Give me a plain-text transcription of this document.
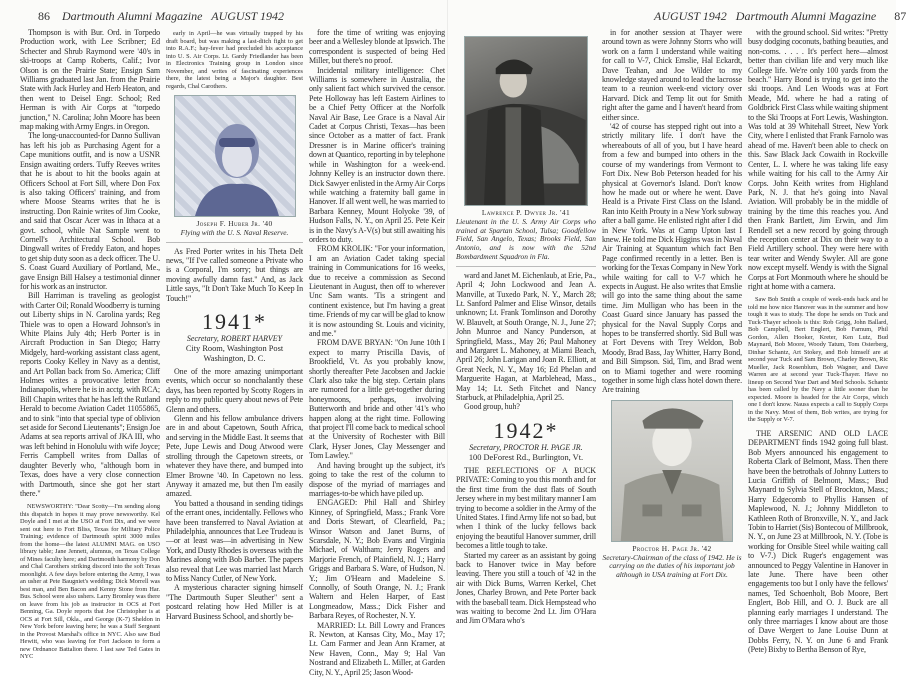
86 Dartmouth Alumni Magazine AUGUST 1942

Thompson is with Bur. Ord. in Torpedo Production work, with Lee Scribner; Ed Schecter and Shrub Raymond were '40's in ski-troops at Camp Roberts, Calif.; Ivor Olson is on the Prairie State; Ensign Sam Williams graduated last Jan. from the Prairie State with Jack Hurley and Herb Heaton, and then went to Deisel Engr. School; Red Herman is with Air Corps at "torpedo junction," N. Carolina; John Moore has been map making with Army Engrs. in Oregon.

The long-unaccounted-for Danno Sullivan has left his job as Purchasing Agent for a Cape munitions outfit, and is now a USNR Ensign awaiting orders. Tuffy Reeves writes that he is about to hit the books again at Officers School at Fort Sill, where Don Fox is also taking Officers' training, and from where Moose Stearns writes that he is instructing. Don Rainie writes of Jim Cooke, and said that Oscar Acer was in Ithaca at a govt. school, while Nat Sample went to Cornell's Architectural School. Bob Dingwall writes of Freddy Eaton, and hopes to get ship duty soon as a deck officer. The U. S. Coast Guard Auxiliary of Portland, Me., gave Ensign Bill Halsey a testimonial dinner for his work as an instructor.

Bill Harriman is traveling as geologist with Carter Oil; Ronald Woodberry is turning out Liberty ships in N. Carolina yards; Reg Thiele was to open a Howard Johnson's in White Plains July 4th; Herb Porter is in Aircraft Production in San Diego; Harry Midgely, hard-working assistant class agent, reports Cooky Kelley in Navy as a dentist, and Art Pollan back from So. America; Cliff Holmes writes a provocative letter from Indianapolis, where he is in acctg. with RCA; Bill Chapin writes that he has left the Rutland Herald to become Aviation Cadet 11055865, and to sink "into that special type of oblivion set aside for Second Lieutenants"; Ensign Joe Adams at sea reports arrival of JKA III, who was left behind in Honolulu with wife Joyce; Ferris Campbell writes from Dallas of daughter Beverly who, "although born in Texas, does have a very close connection with Dartmouth, since she got her start there."

NEWSWORTHY: "Dear Scotty—I'm sending along this dispatch in hopes it may prove newsworthy. Kel Doyle and I met at the USO at Fort Dix, and we were sent out here to Fort Bliss, Texas for Military Police Training; evidence of Dartmouth spirit 3000 miles from the home—the latest ALUMNI MAG. on USO library table; Jane Jennett, alumnus, on Texas College of Mines faculty here; and Dartmouth harmony by Don and Chal Carothers striking discord into the soft Texas moonlight. A few days before entering the Army, I was an usher at Pete Baugniet's wedding; Dick Morrell was best man, and Ben Bacon and Kenny Stone from Har. Bus. School were also ushers. Larry Bromley was there on leave from his job as instructor in OCS at Fort Benning, Ga. Doyle reports that Joe Christopher is at OCS at Fort Sill, Okla., and George (K-7) Sheldon in New York before leaving here; he was a Staff Sergeant in the Provost Marshal's office in NYC. Also saw Bud Hewitt, who was leaving for Fort Jackson to form a new Ordnance Battalion there. I last saw Ted Gates in NYC

early in April—he was virtually trapped by his draft board, but was making a last-ditch fight to get into R.A.F.; hay-fever had precluded his acceptance into U. S. Air Corps. Lt. Gardy Friedlander has been in Electronics Training group in London since November, and writes of fascinating experiences there, the latest being a Major's daughter. Best regards, Chal Carothers.

Joseph F. Huber Jr. '40
Flying with the U. S. Naval Reserve.

As Fred Porter writes in his Theta Delt news, "If I've called someone a Private who is a Corporal, I'm sorry; but things are moving awfully damn fast." And, as Jack Little says, "It Don't Take Much To Keep In Touch!"

1941*
Secretary, ROBERT HARVEY
City Room, Washington Post
Washington, D. C.

One of the more amazing unimportant events, which occur so nonchalantly these days, has been reported by Scotty Rogers in reply to my public query about news of Pete Glenn and others.

Glenn and his fellow ambulance drivers are in and about Capetown, South Africa, and serving in the Middle East. It seems that Pete, Jupe Lewis and Doug Atwood were strolling through the Capetown streets, or whatever they have there, and bumped into Elmer Browne '40. In Capetown no less. Anyway it amazed me, but then I'm easily amazed.

You batted a thousand in sending tidings of the errant ones, incidentally. Fellows who have been transferred to Naval Aviation at Philadelphia, announces that Lee Trudeau is—or at least was—in advertising in New York, and Dusty Rhodes is overseas with the Marines along with Bob Barber. The papers also reveal that Lee was married last March to Miss Nancy Cutler, of New York.

A mysterious character signing himself "The Dartmouth Super Sleuther" sent a postcard relating how Hed Miller is at Harvard Business School, and shortly be-

fore the time of writing was enjoying beer and a Wellesley blonde at Ipswich. The correspondent is suspected of being Hed Miller, but there's no proof.

Incidental military intelligence: Chet Williams is somewhere in Australia, the only salient fact which survived the censor. Pete Holloway has left Eastern Airlines to be a Chief Petty Officer at the Norfolk Naval Air Base, Lee Grace is a Naval Air Cadet at Corpus Christi, Texas—has been since October as a matter of fact. Frank Dressner is in Marine officer's training down at Quantico, reporting in by telephone while in Washington for a week-end. Johnny Kelley is an instructor down there. Dick Sawyer enlisted in the Army Air Corps while watching a fraternity ball game in Hanover. If all went well, he was married to Barbara Kenney, Mount Holyoke '39, of Hudson Falls, N. Y., on April 25. Pete Keir is in the Navy's A-V(s) but still awaiting his orders to duty.

FROM KROLIK: "For your information, I am an Aviation Cadet taking special training in Communications for 16 weeks, due to receive a commission as Second Lieutenant in August, then off to wherever Unc Sam wants. 'Tis a stringent and continent existence, but I'm having a great time. Friends of my car will be glad to know it is now astounding St. Louis and vicinity, and me."

FROM DAVE BRYAN: "On June 10th I expect to marry Priscilla Davis, of Brookfield, Vt. As you probably know, shortly thereafter Pete Jacobsen and Jackie Clark also take the big step. Certain plans are rumored for a little get-together during honeymoons, perhaps, involving Butterworth and bride and other '41's who happen along at the right time. Following that project I'll come back to medical school at the University of Rochester with Bill Clark, Hyser Jones, Clay Messenger and Tom Lawley."

And having brought up the subject, it's going to take the rest of the column to dispose of the myriad of marriages and marriages-to-be which have piled up.

ENGAGED: Phil Hall and Shirley Kinney, of Springfield, Mass.; Frank Vore and Doris Stewart, of Clearfield, Pa.; Winsor Watson and Janet Burns, of Scarsdale, N. Y.; Bob Evans and Virginia Michael, of Waltham; Jerry Rogers and Marjorie French, of Plainfield, N. J.; Harry Griggs and Barbara S. Ware, of Hudson, N. Y.; Jim O'Hearn and Madeleine S. Connolly, of South Orange, N. J.; Frank Waltern and Helen Harper, of East Longmeadow, Mass.; Dick Fisher and Barbara Reyes, of Rochester, N. Y.

MARRIED: Lt. Bill Lowry and Frances R. Newton, at Kansas City, Mo., May 17; Lt. Cam Farmer and Jean Ann Kramer, at New Haven, Conn., May 9; Hal Van Nostrand and Elizabeth L. Miller, at Garden City, N. Y., April 25; Jason Wood-

AUGUST 1942 Dartmouth Alumni Magazine 87
Lawrence P. Dwyer Jr. '41
Lieutenant in the U. S. Army Air Corps who trained at Spartan School, Tulsa; Goodfellow Field, San Angelo, Texas; Brooks Field, San Antonio, and is now with the 52nd Bombardment Squadron in Fla.

ward and Janet M. Eichenlaub, at Erie, Pa., April 4; John Lockwood and Jean A. Manville, at Tuxedo Park, N. Y., March 28; Lt. Sanford Palmer and Elise Winsor, details unknown; Lt. Frank Tomlinson and Dorothy W. Blauvelt, at South Orange, N. J., June 27; John Munroe and Nancy Punderson, at Springfield, Mass., May 26; Paul Mahoney and Margaret L. Mahoney, at Miami Beach, April 26; John Larigan and Joan R. Elliott, at Great Neck, N. Y., May 16; Ed Phelan and Marguerite Hagan, at Marblehead, Mass., May 14; Lt. Seth Fitchet and Nancy Starbuck, at Philadelphia, April 25.

Good group, huh?

1942*
Secretary, PROCTOR H. PAGE JR.
100 DeForest Rd., Burlington, Vt.

THE REFLECTIONS OF A BUCK PRIVATE: Coming to you this month and for the first time from the dust flats of South Jersey where in my best military manner I am trying to become a soldier in the Army of the United States. I find Army life not so bad, but when I think of the lucky fellows back enjoying the beautiful Hanover summer, drill becomes a little tough to take.

Started my career as an assistant by going back to Hanover twice in May before leaving. There you still a touch of '42 in the air with Dick Burns, Warren Kerkel, Chet Jones, Charley Brown, and Pete Porter back with the baseball team. Dick Hempstead who was waiting to become 2nd Lt. Jim O'Hara and Jim O'Mara who's

in for another session at Thayer were around town as were Johnny Storrs who will work on a farm I understand while waiting for call to V-7, Chick Emslie, Hal Eckardt, Dave Teahan, and Joe Wilder to my knowledge stayed around to lead the lacrosse team to a reunion week-end victory over Harvard. Dick and Temp lit out for Smith right after the game and I haven't heard from either since.

'42 of course has stepped right out into a strictly military life. I don't have the whereabouts of all of you, but I have heard from a few and bumped into others in the course of my wanderings from Vermont to Fort Dix. New Bob Peterson headed for his physical at Governor's Island. Don't know how he made out or where he went. Dave Heald is a Private First Class on the Island. Ran into Keith Prouty in a New York subway after a ball game. He enlisted right after I did in New York. Was at Camp Upton last I knew. He told me Dick Higgins was in Naval Air Training at Squantum which fact Ben Page confirmed recently in a letter. Ben is working for the Texas Company in New York while waiting for call to V-7 which he expects in August. He also writes that Emslie will go into the same thing about the same time. Jim Mulligan who has been in the Coast Guard since January has passed the physical for the Naval Supply Corps and hopes to be transferred shortly. Sid Bull was at Fort Devens with Trey Weldon, Bob Moody, Brad Bass, Jay Whitter, Harry Bond, and Bill Simpson. Sid, Tim, and Brad went on to Miami together and were rooming together in some high class hotel down there. Are training

Proctor H. Page Jr. '42
Secretary-Chairman of the class of 1942. He is carrying on the duties of his important job although in USA training at Fort Dix.

with the ground school. Sid writes: "Pretty busy dodging coconuts, bathing beauties, and non-coms. . . . . It's perfect here—almost better than civilian life and very much like College life. We're only 100 yards from the beach." Harry Bond is trying to get into the ski troops. And Len Woods was at Fort Meade, Md. where he had a rating of Goldbrick First Class while waiting shipment to the Ski Troops at Fort Lewis, Washington. Was told at 39 Whitehall Street, New York City, where I enlisted that Frank Farnolo was ahead of me. Haven't been able to check on this. Saw Black Jack Cowaith in Rockville Center, L. I. where he was taking life easy while waiting for his call to the Army Air Corps. John Keith writes from Highland Park, N. J. that he's going into Naval Aviation. Will probably be in the middle of training by the time this reaches you. And then Frank Bartlett, Jim Erwin, and Jim Rendell set a new record by going through the reception center at Dix on their way to a Field Artillery school. They were here with tear writer and Wendy Swyler. All are gone now except myself. Wendy is with the Signal Corps at Fort Monmouth where he should be right at home with a camera.

Saw Bob Smith a couple of week-ends back and he told me how nice Hanover was in the summer and how tough it was to study. The dope he sends on Tuck and Tuck-Thayer schools is this: Rob Grigg, John Ballard, Bob Campbell, Bert Englert, Bob Farnum, Phil Gordon, Allen Hooker, Kreter, Ken Lutz, Bud Maynard, Bob Moore, Woody Tatum, Tom Osterberg, Dinhar Schantz, Art Stokey, and Bob himself are at second year Tuck and Sam Brown, Charley Brown, Ric Mueller, Jack Rosenblum, Bob Wagner, and Dave Warren are at second year Tuck-Thayer. Have no lineup on Second Year Dart and Med Schools. Schantz has been called by the Navy a little sooner than he expected. Moore is headed for the Air Corps, which one I don't know. Nauss expects a call to Supply Corps in the Navy. Most of them, Bob writes, are trying for the Supply or V-7.

THE ARSENIC AND OLD LACE DEPARTMENT finds 1942 going full blast. Bob Myers announced his engagement to Roberta Clark of Belmont, Mass. Then there have been the betrothals of Johnny Lutters to Lucia Griffith of Belmont, Mass.; Bud Maynard to Sylvia Stell of Brockton, Mass.; Harry Edgecomb to Phyllis Hansen of Maplewood, N. J.; Johnny Middleton to Kathleen Roth of Bronxville, N. Y., and Jack Tobin to Harriet (Sis) Bontecou of Millbrook, N. Y., on June 23 at Millbrook, N. Y. (Tobe is working for Onsible Steel while waiting call to V-7.) Dick Ruger's engagement was announced to Peggy Valentine in Hanover in late June. There have been other engagements too but I only have the fellows' names, Ted Schoenholt, Bob Moore, Bert Englert, Bob Hill, and O. J. Buck are all planning early marriages I understand. The only three marriages I know about are those of Dave Wergert to Jane Louise Dunn at Dobbs Ferry, N. Y. on June 6 and Frank (Pete) Bixby to Bertha Benson of Rye,
